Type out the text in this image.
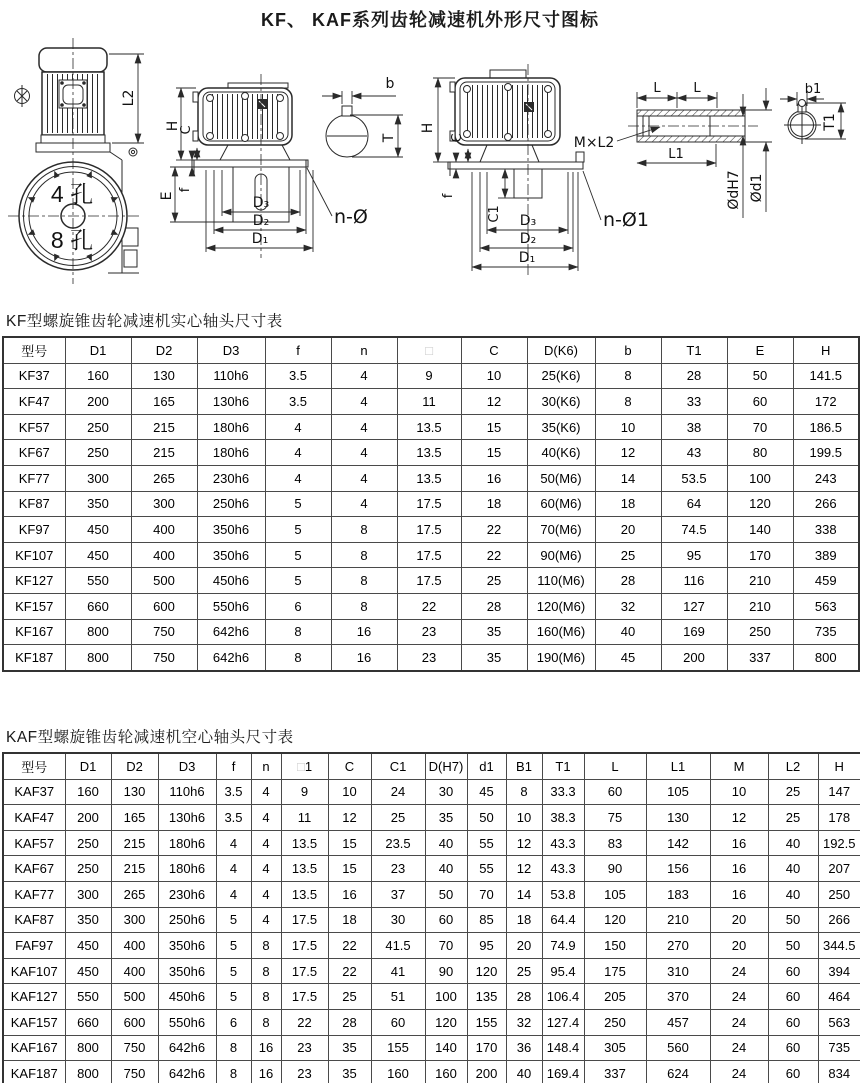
KF、 KAF系列齿轮减速机外形尺寸图标
4 孔
8 孔
L2
H
C
E
f
D₃
D₂
D₁
n-Ø
b
T
H
C
f
C1 D₃
D₂
D₁
n-Ø1
M×L2
L	L
L1
ØdH7 Ød1
b1
T1
KF型螺旋锥齿轮减速机实心轴头尺寸表
型号	D1	D2	D3	f	n	□	C	D(K6)	b	T1	E	H
KF37	160	130	110h6	3.5	4	9	10	25(K6)	8	28	50	141.5
KF47	200	165	130h6	3.5	4	11	12	30(K6)	8	33	60	172
KF57	250	215	180h6	4	4	13.5	15	35(K6)	10	38	70	186.5
KF67	250	215	180h6	4	4	13.5	15	40(K6)	12	43	80	199.5
KF77	300	265	230h6	4	4	13.5	16	50(M6)	14	53.5	100	243
KF87	350	300	250h6	5	4	17.5	18	60(M6)	18	64	120	266
KF97	450	400	350h6	5	8	17.5	22	70(M6)	20	74.5	140	338
KF107	450	400	350h6	5	8	17.5	22	90(M6)	25	95	170	389
KF127	550	500	450h6	5	8	17.5	25	110(M6)	28	116	210	459
KF157	660	600	550h6	6	8	22	28	120(M6)	32	127	210	563
KF167	800	750	642h6	8	16	23	35	160(M6)	40	169	250	735
KF187	800	750	642h6	8	16	23	35	190(M6)	45	200	337	800
KAF型螺旋锥齿轮减速机空心轴头尺寸表
型号	D1	D2	D3	f	n	□1	C	C1	D(H7)	d1	B1	T1	L	L1	M	L2	H
KAF37	160	130	110h6	3.5	4	9	10	24	30	45	8	33.3	60	105	10	25	147
KAF47	200	165	130h6	3.5	4	11	12	25	35	50	10	38.3	75	130	12	25	178
KAF57	250	215	180h6	4	4	13.5	15	23.5	40	55	12	43.3	83	142	16	40	192.5
KAF67	250	215	180h6	4	4	13.5	15	23	40	55	12	43.3	90	156	16	40	207
KAF77	300	265	230h6	4	4	13.5	16	37	50	70	14	53.8	105	183	16	40	250
KAF87	350	300	250h6	5	4	17.5	18	30	60	85	18	64.4	120	210	20	50	266
FAF97	450	400	350h6	5	8	17.5	22	41.5	70	95	20	74.9	150	270	20	50	344.5
KAF107	450	400	350h6	5	8	17.5	22	41	90	120	25	95.4	175	310	24	60	394
KAF127	550	500	450h6	5	8	17.5	25	51	100	135	28	106.4	205	370	24	60	464
KAF157	660	600	550h6	6	8	22	28	60	120	155	32	127.4	250	457	24	60	563
KAF167	800	750	642h6	8	16	23	35	155	140	170	36	148.4	305	560	24	60	735
KAF187	800	750	642h6	8	16	23	35	160	160	200	40	169.4	337	624	24	60	834
